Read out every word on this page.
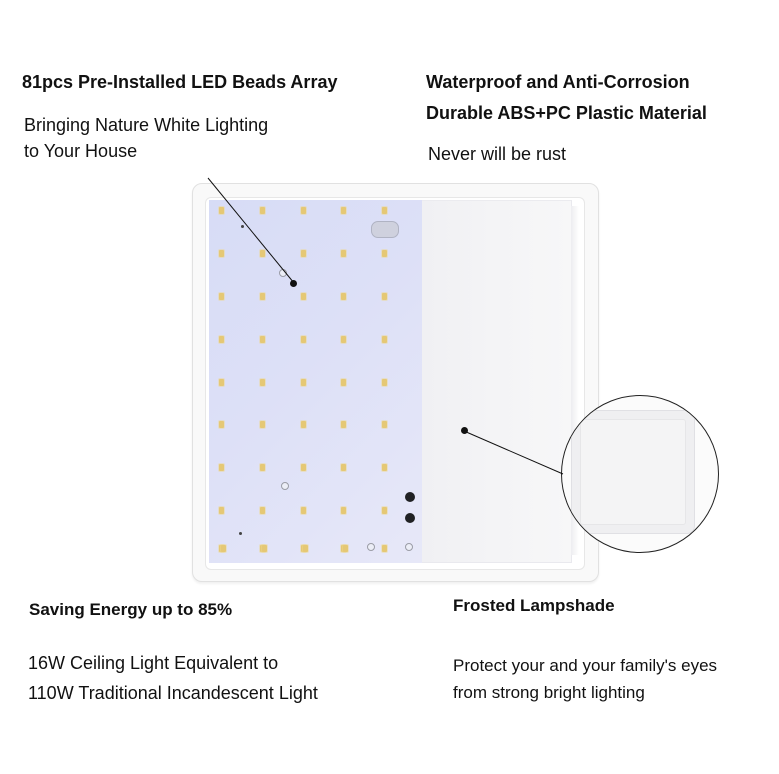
81pcs Pre-Installed LED Beads Array
Bringing Nature White Lighting
to Your House
Waterproof and Anti-Corrosion
Durable ABS+PC Plastic Material
Never will be rust
Saving Energy up to 85%
16W Ceiling Light Equivalent to
110W Traditional Incandescent Light
Frosted Lampshade
Protect your and your family's eyes
from strong bright lighting
